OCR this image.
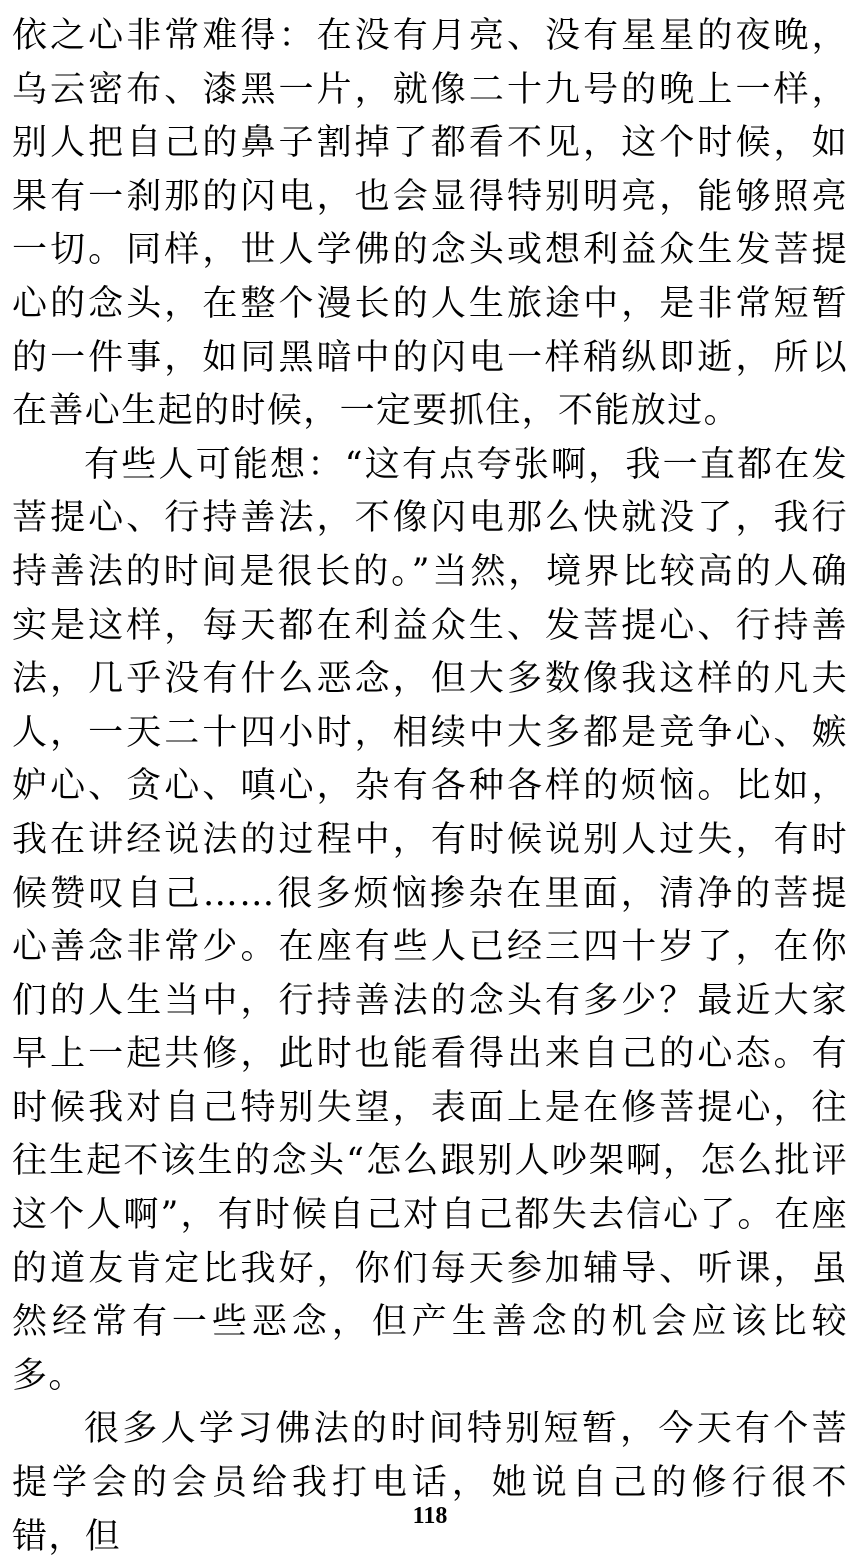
依之心非常难得：在没有月亮、没有星星的夜晚，乌云密布、漆黑一片，就像二十九号的晚上一样，别人把自己的鼻子割掉了都看不见，这个时候，如果有一刹那的闪电，也会显得特别明亮，能够照亮一切。同样，世人学佛的念头或想利益众生发菩提心的念头，在整个漫长的人生旅途中，是非常短暂的一件事，如同黑暗中的闪电一样稍纵即逝，所以在善心生起的时候，一定要抓住，不能放过。

有些人可能想：“这有点夸张啊，我一直都在发菩提心、行持善法，不像闪电那么快就没了，我行持善法的时间是很长的。”当然，境界比较高的人确实是这样，每天都在利益众生、发菩提心、行持善法，几乎没有什么恶念，但大多数像我这样的凡夫人，一天二十四小时，相续中大多都是竞争心、嫉妒心、贪心、嗔心，杂有各种各样的烦恼。比如，我在讲经说法的过程中，有时候说别人过失，有时候赞叹自己……很多烦恼掺杂在里面，清净的菩提心善念非常少。在座有些人已经三四十岁了，在你们的人生当中，行持善法的念头有多少？最近大家早上一起共修，此时也能看得出来自己的心态。有时候我对自己特别失望，表面上是在修菩提心，往往生起不该生的念头“怎么跟别人吵架啊，怎么批评这个人啊”，有时候自己对自己都失去信心了。在座的道友肯定比我好，你们每天参加辅导、听课，虽然经常有一些恶念，但产生善念的机会应该比较多。

很多人学习佛法的时间特别短暂，今天有个菩提学会的会员给我打电话，她说自己的修行很不错，但

118
